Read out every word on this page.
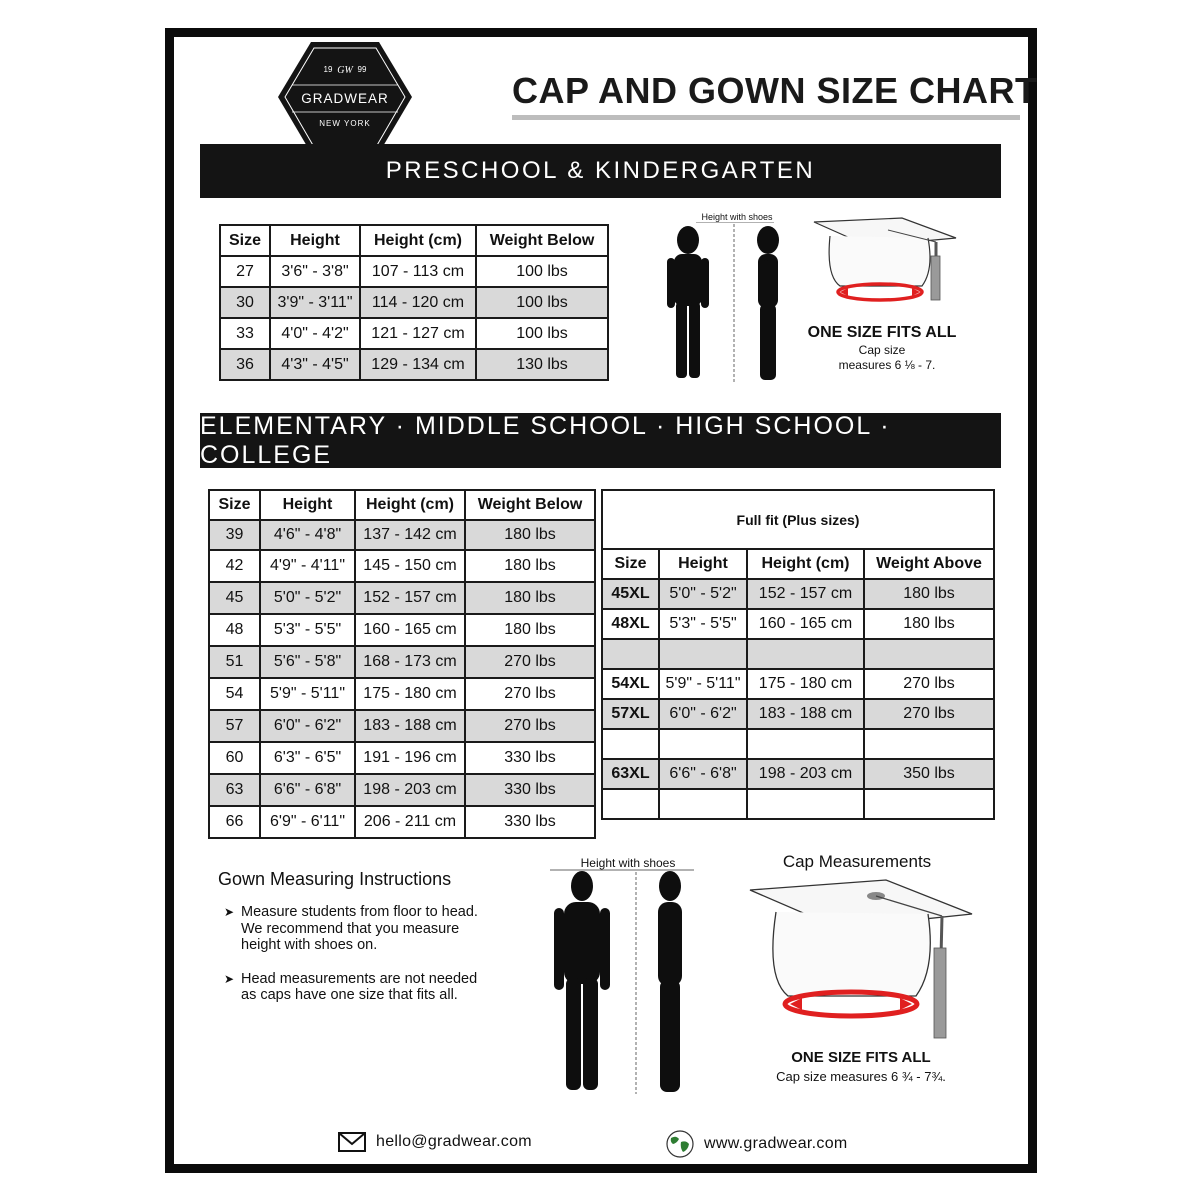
19 GW 99
GRADWEAR
NEW YORK
CAP AND GOWN SIZE CHART
PRESCHOOL & KINDERGARTEN
Size	Height	Height (cm)	Weight Below
27	3'6" - 3'8"	107 - 113 cm	100 lbs
30	3'9" - 3'11"	114 - 120 cm	100 lbs
33	4'0" - 4'2"	121 - 127 cm	100 lbs
36	4'3" - 4'5"	129 - 134 cm	130 lbs
Height with shoes
ONE SIZE FITS ALL
Cap size
measures 6 ⅛ - 7.
ELEMENTARY · MIDDLE SCHOOL · HIGH SCHOOL · COLLEGE
Size	Height	Height (cm)	Weight Below
39	4'6" - 4'8"	137 - 142 cm	180 lbs
42	4'9" - 4'11"	145 - 150 cm	180 lbs
45	5'0" - 5'2"	152 - 157 cm	180 lbs
48	5'3" - 5'5"	160 - 165 cm	180 lbs
51	5'6" - 5'8"	168 - 173 cm	270 lbs
54	5'9" - 5'11"	175 - 180 cm	270 lbs
57	6'0" - 6'2"	183 - 188 cm	270 lbs
60	6'3" - 6'5"	191 - 196 cm	330 lbs
63	6'6" - 6'8"	198 - 203 cm	330 lbs
66	6'9" - 6'11"	206 - 211 cm	330 lbs
Full fit (Plus sizes)			
Size	Height	Height (cm)	Weight Above
45XL	5'0" - 5'2"	152 - 157 cm	180 lbs
48XL	5'3" - 5'5"	160 - 165 cm	180 lbs

54XL	5'9" - 5'11"	175 - 180 cm	270 lbs
57XL	6'0" - 6'2"	183 - 188 cm	270 lbs

63XL	6'6" - 6'8"	198 - 203 cm	350 lbs

Gown Measuring Instructions
➤ Measure students from floor to head. We recommend that you measure height with shoes on.
➤ Head measurements are not needed as caps have one size that fits all.
Height with shoes	Cap Measurements
ONE SIZE FITS ALL
Cap size measures 6 ¾ - 7¾.
hello@gradwear.com	www.gradwear.com
